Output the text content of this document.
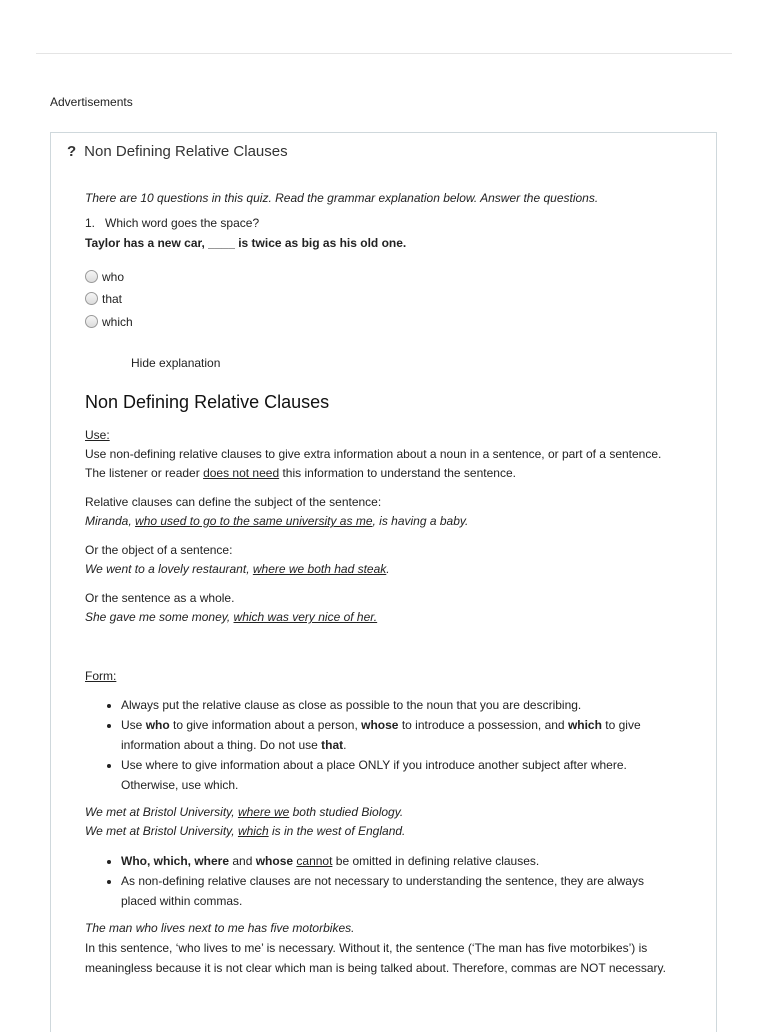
Advertisements
? Non Defining Relative Clauses

There are 10 questions in this quiz. Read the grammar explanation below. Answer the questions.

1. Which word goes the space?

Taylor has a new car, ____ is twice as big as his old one.

who
that
which
Hide explanation
Non Defining Relative Clauses

Use:

Use non-defining relative clauses to give extra information about a noun in a sentence, or part of a sentence.

The listener or reader does not need this information to understand the sentence.

Relative clauses can define the subject of the sentence:

Miranda, who used to go to the same university as me, is having a baby.

Or the object of a sentence:

We went to a lovely restaurant, where we both had steak.

Or the sentence as a whole.

She gave me some money, which was very nice of her.

Form:

• Always put the relative clause as close as possible to the noun that you are describing.
• Use who to give information about a person, whose to introduce a possession, and which to give information about a thing. Do not use that.
• Use where to give information about a place ONLY if you introduce another subject after where. Otherwise, use which.

We met at Bristol University, where we both studied Biology.

We met at Bristol University, which is in the west of England.

• Who, which, where and whose cannot be omitted in defining relative clauses.
• As non-defining relative clauses are not necessary to understanding the sentence, they are always placed within commas.

The man who lives next to me has five motorbikes.

In this sentence, ‘who lives to me’ is necessary. Without it, the sentence (‘The man has five motorbikes’) is meaningless because it is not clear which man is being talked about. Therefore, commas are NOT necessary.
